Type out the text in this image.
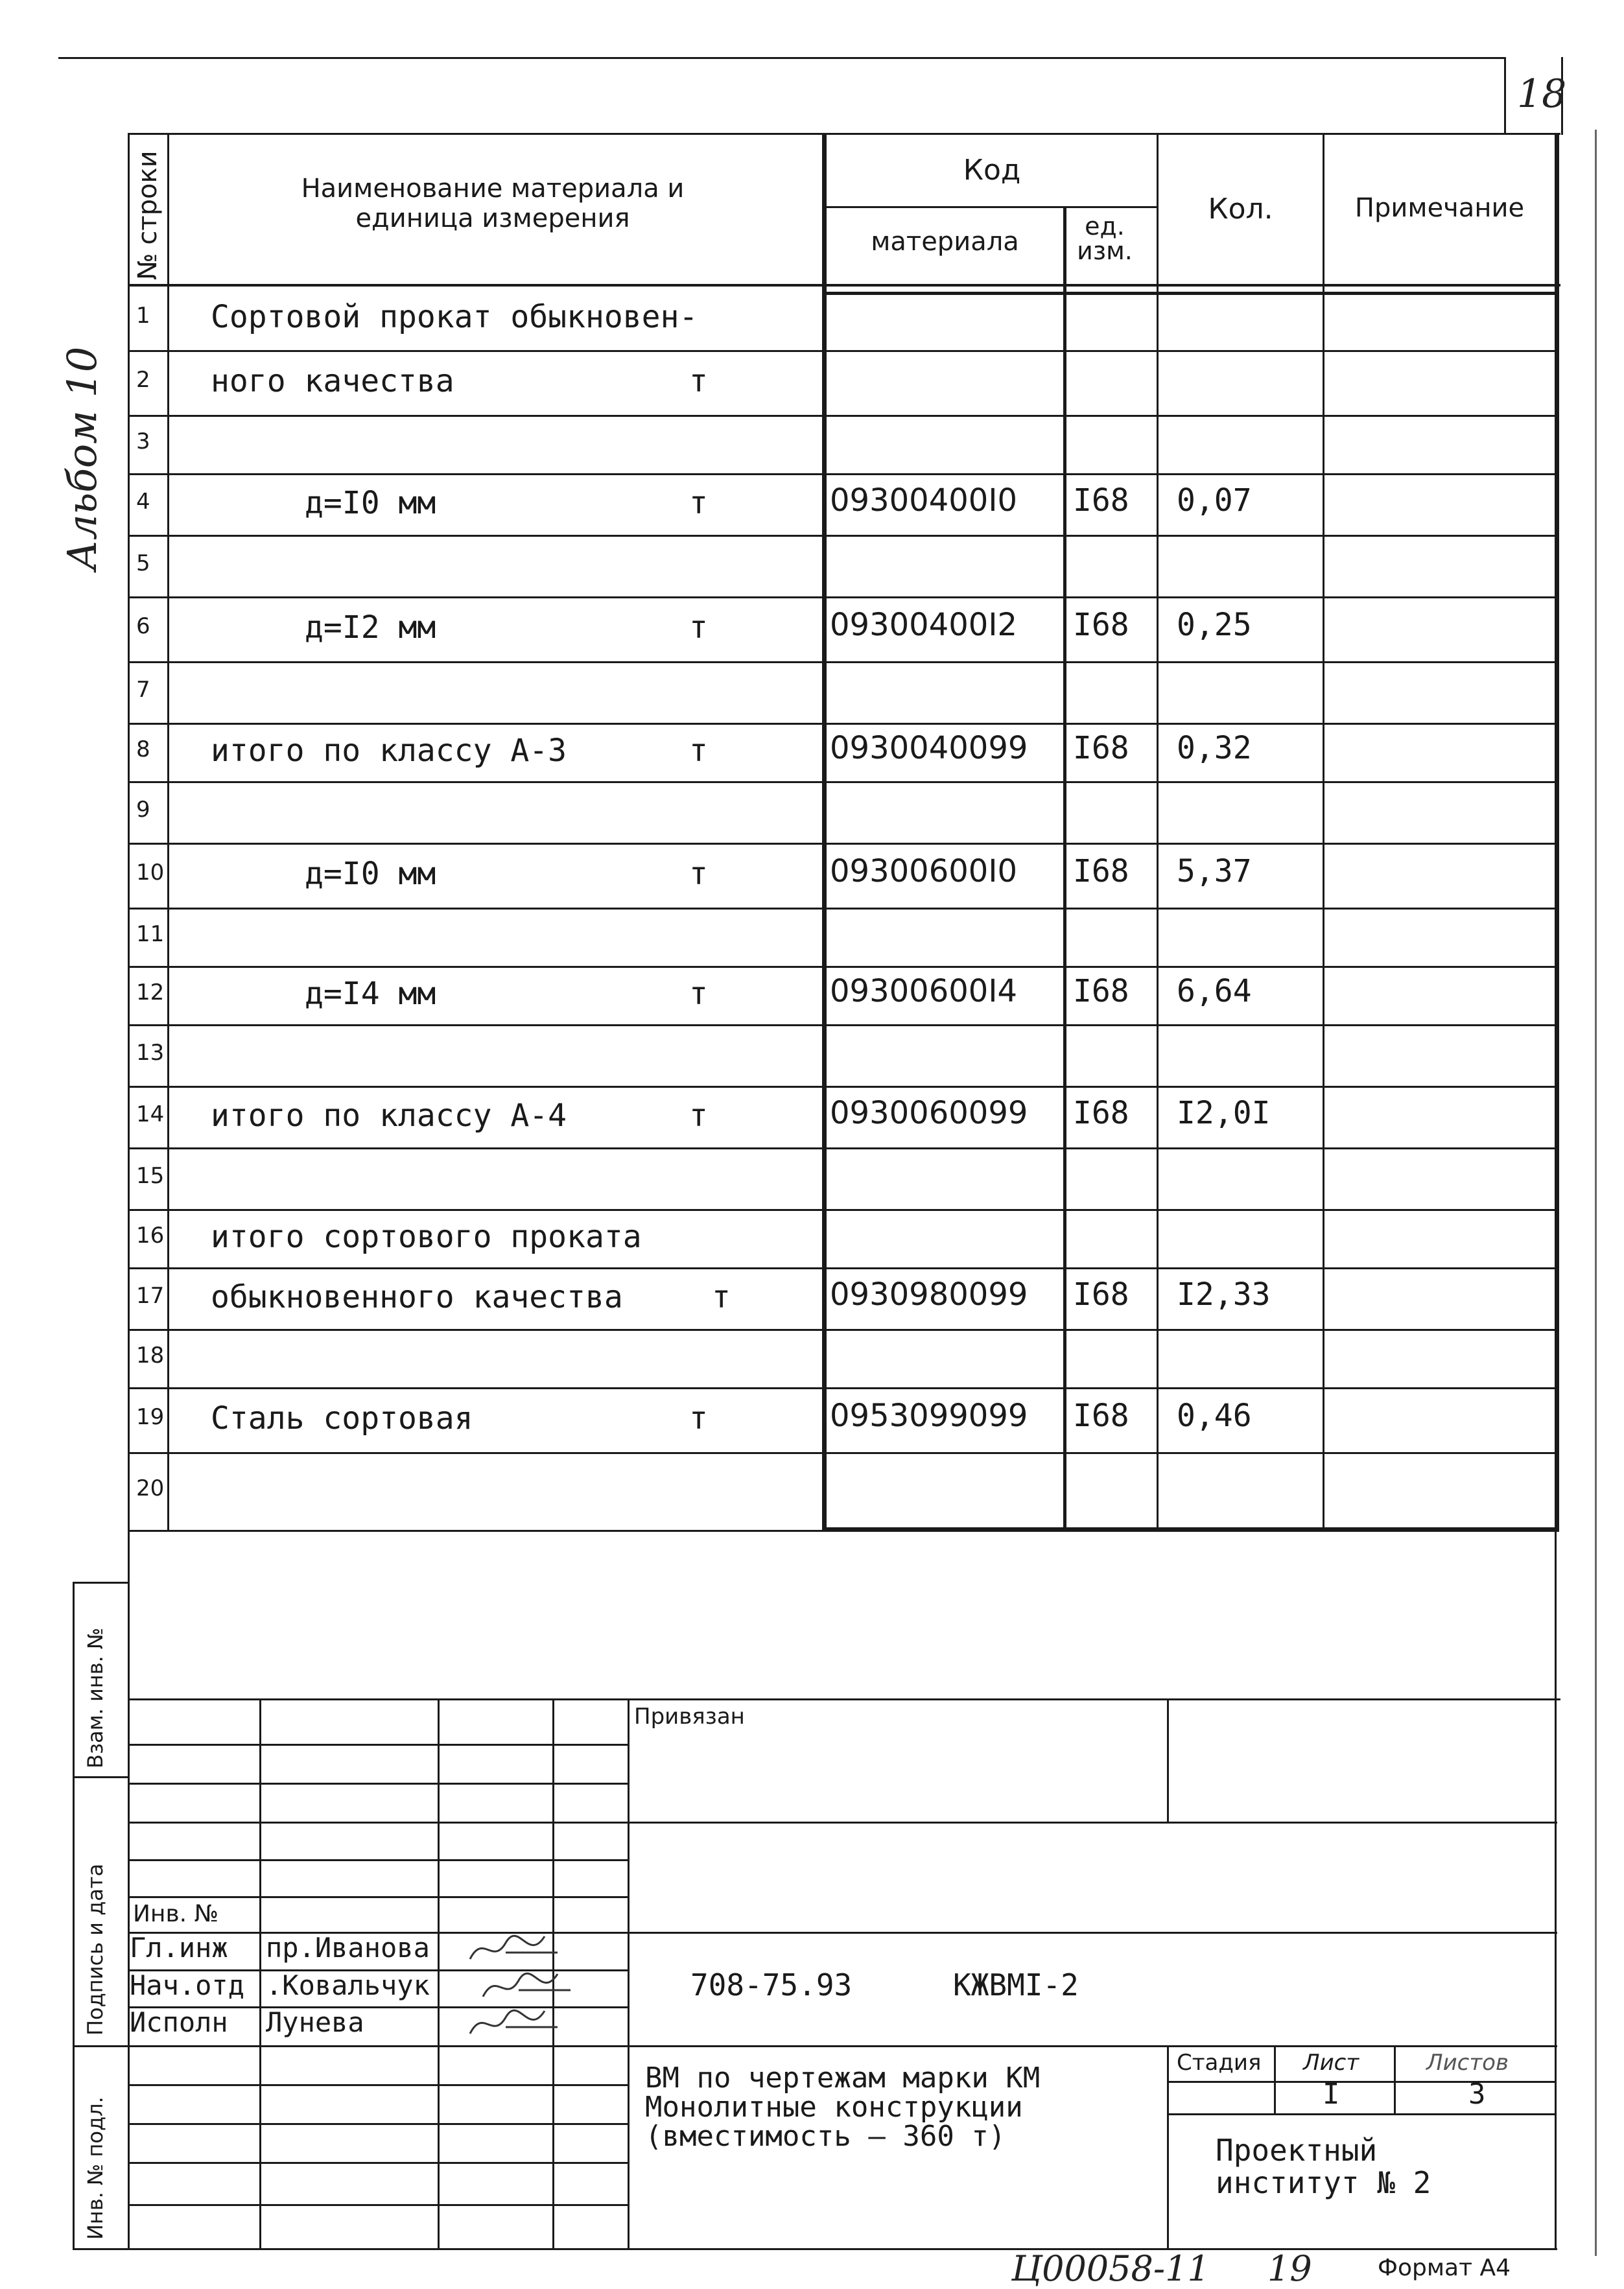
18
Альбом 10
№ строки	Наименование материала и единица измерения
Код
материала
ед. изм.
Кол.	Примечание
1	Сортовой прокат обыкновен-
2	ного качества	т
3
4	д=I0 мм	т	09300400I0 I68 0,07
5
6	д=I2 мм	т	09300400I2 I68 0,25
7
8	итого по классу А-3	т	0930040099 I68 0,32
9
10	д=I0 мм	т	09300600I0 I68 5,37
11
12	д=I4 мм	т	09300600I4 I68 6,64
13
14 итого по классу А-4	т	0930060099 I68 I2,0I
15
16 итого сортового проката
17 обыкновенного качества	т	0930980099 I68 I2,33
18
19 Сталь сортовая	т	0953099099 I68 0,46
20
Взам. инв. №
Подпись и дата
Инв. № подл.
Инв. №
Гл.инж пр.Иванова
Нач.отд .Ковальчук
Исполн Лунева
Привязан
708-75.93	КЖВМI-2
ВМ по чертежам марки КМ
Монолитные конструкции
(вместимость – 360 т)
Стадия Лист	Листов
I	3
Проектный
институт № 2
Ц00058-11 19	Формат А4
